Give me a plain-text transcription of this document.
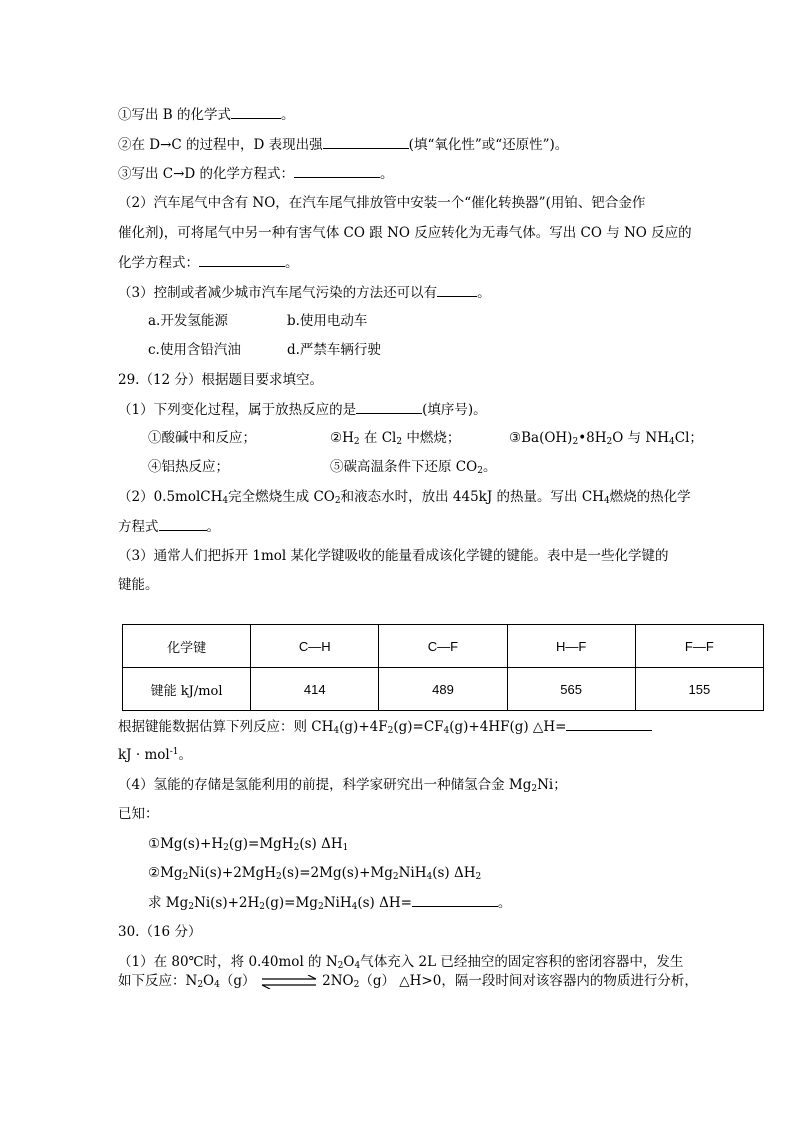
①写出 B 的化学式	。
②在 D→C 的过程中，D 表现出强	(填“氧化性”或“还原性”)。
③写出 C→D 的化学方程式：	。
（2）汽车尾气中含有 NO，在汽车尾气排放管中安装一个“催化转换器”(用铂、钯合金作
催化剂)，可将尾气中另一种有害气体 CO 跟 NO 反应转化为无毒气体。写出 CO 与 NO 反应的
化学方程式：	。
（3）控制或者减少城市汽车尾气污染的方法还可以有	。
a.开发氢能源	b.使用电动车
c.使用含铅汽油	d.严禁车辆行驶
29.（12 分）根据题目要求填空。
（1）下列变化过程，属于放热反应的是	(填序号)。
①酸碱中和反应；	$②H_2$ 在 $Cl_2$ 中燃烧；	$③Ba(OH)_2•8H_2O$ 与 $NH_4Cl$；
④铝热反应；	⑤碳高温条件下还原 $CO_2$。
（2）0.5molCH$_4$完全燃烧生成 $CO_2$和液态水时，放出 445kJ 的热量。写出 $CH_4$燃烧的热化学
方程式	。
（3）通常人们把拆开 1mol 某化学键吸收的能量看成该化学键的键能。表中是一些化学键的
键能。
化学键	C—H	C—F	H—F	F—F
键能 kJ/mol	414	489	565	155
根据键能数据估算下列反应：则 $CH_4(g)+4F_2(g)=CF_4(g)+4HF(g)$ △H=
kJ · mol$^{-1}$。
（4）氢能的存储是氢能利用的前提，科学家研究出一种储氢合金 $Mg_2Ni$；
已知：
$①Mg(s)+H_2(g)=MgH_2(s)$ $\Delta H_1$
$②Mg_2Ni(s)+2MgH_2(s)=2Mg(s)+Mg_2NiH_4(s)$ $\Delta H_2$
求 $Mg_2Ni(s)+2H_2(g)=Mg_2NiH_4(s)$ ΔH=	。
30.（16 分）
（1）在 80℃时，将 0.40mol 的 $N_2O_4$气体充入 2L 已经抽空的固定容积的密闭容器中，发生
如下反应：$N_2O_4(g)$	$2NO_2(g)$ △H>0，隔一段时间对该容器内的物质进行分析，
